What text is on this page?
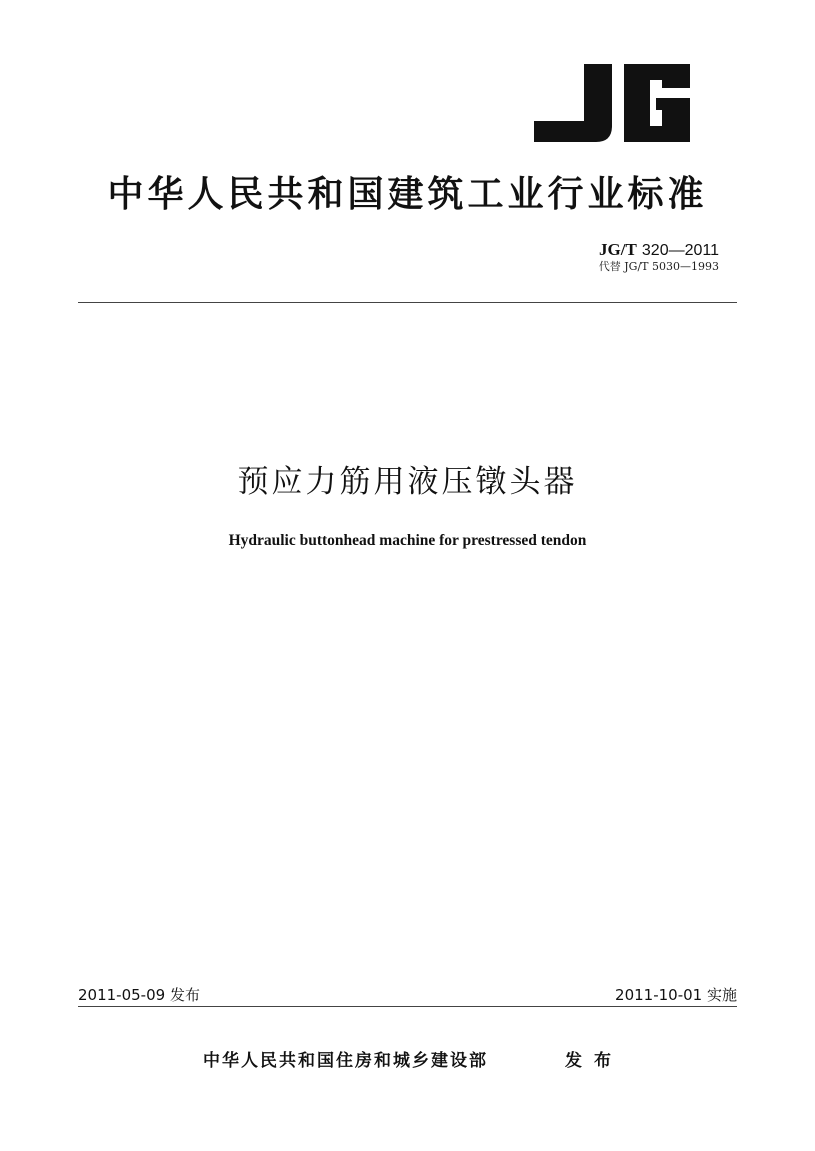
中华人民共和国建筑工业行业标准
JG/T 320—2011
代替 JG/T 5030—1993
预应力筋用液压镦头器
Hydraulic buttonhead machine for prestressed tendon
2011-05-09 发布	2011-10-01 实施
中华人民共和国住房和城乡建设部	发布
